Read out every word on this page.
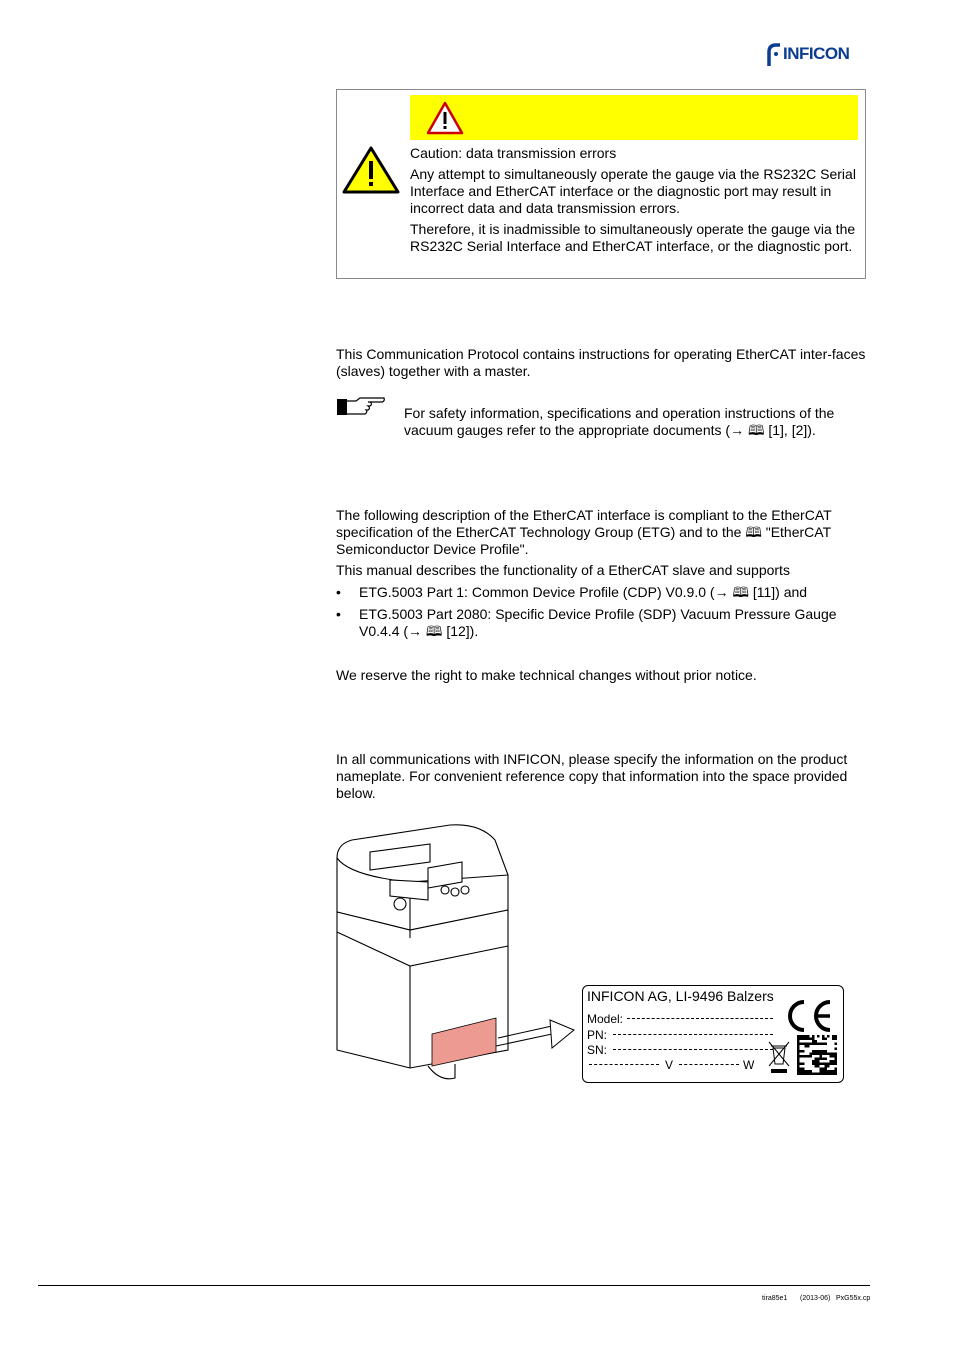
INFICON

Caution: data transmission errors

Any attempt to simultaneously operate the gauge via the RS232C Serial Interface and EtherCAT interface or the diagnostic port may result in incorrect data and data transmission errors.

Therefore, it is inadmissible to simultaneously operate the gauge via the RS232C Serial Interface and EtherCAT interface, or the diagnostic port.

This Communication Protocol contains instructions for operating EtherCAT inter-faces (slaves) together with a master.

For safety information, specifications and operation instructions of the vacuum gauges refer to the appropriate documents (→ 🕮 [1], [2]).

The following description of the EtherCAT interface is compliant to the EtherCAT specification of the EtherCAT Technology Group (ETG) and to the 🕮 "EtherCAT Semiconductor Device Profile".

This manual describes the functionality of a EtherCAT slave and supports

• ETG.5003 Part 1: Common Device Profile (CDP) V0.9.0 (→ 🕮 [11]) and
• ETG.5003 Part 2080: Specific Device Profile (SDP) Vacuum Pressure Gauge V0.4.4 (→ 🕮 [12]).

We reserve the right to make technical changes without prior notice.

In all communications with INFICON, please specify the information on the product nameplate. For convenient reference copy that information into the space provided below.

INFICON AG, LI-9496 Balzers
Model:
PN:
SN:
V	W
tira85e1 (2013-06) PxG55x.cp
